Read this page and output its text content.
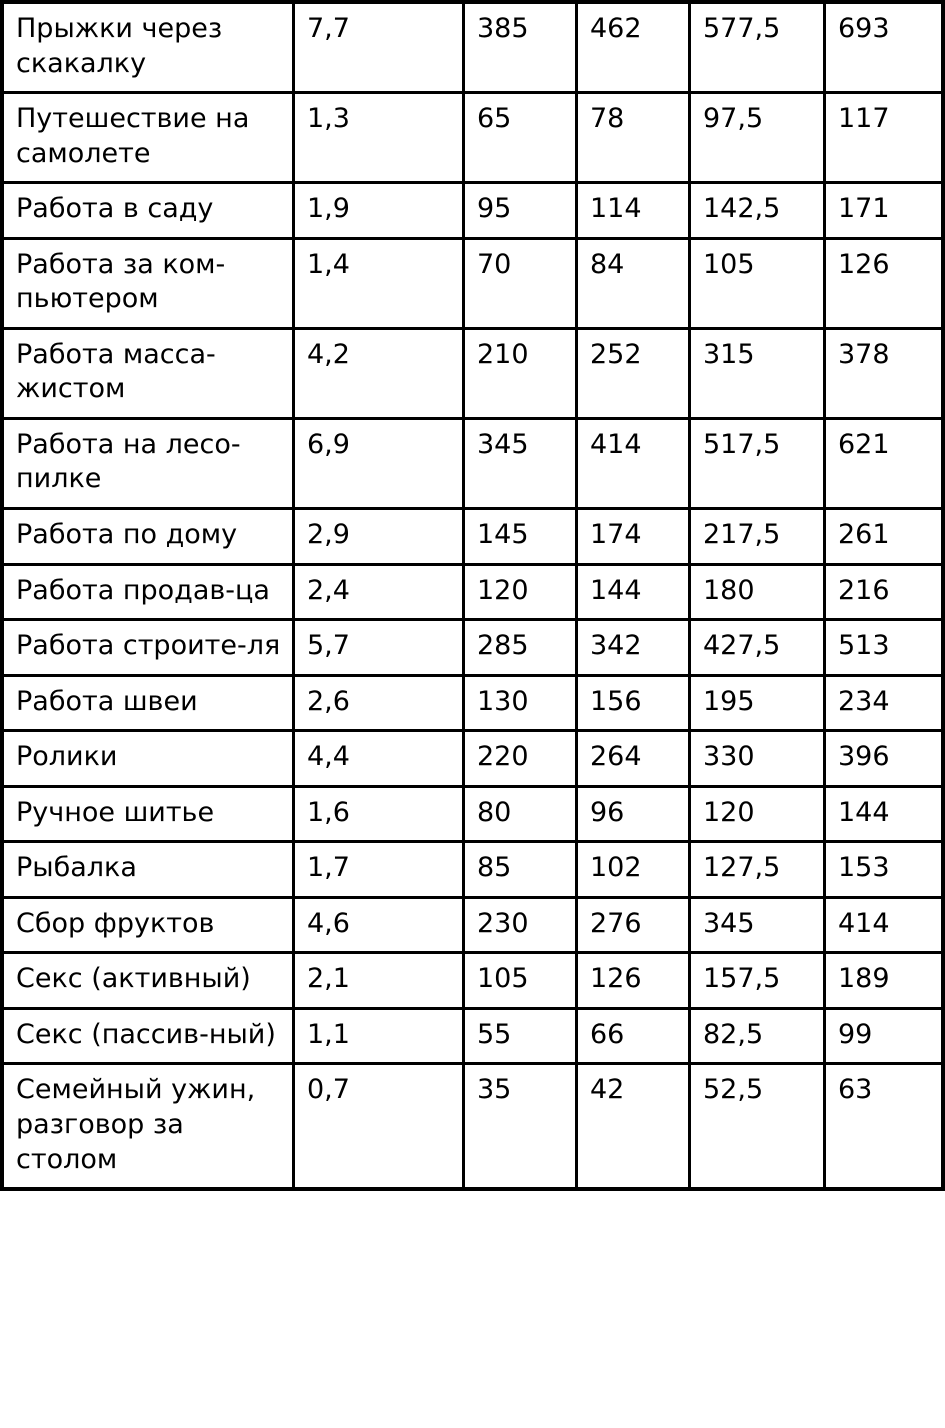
Прыжки через скакалку	7,7	385	462	577,5	693
Путешествие на самолете	1,3	65	78	97,5	117
Работа в саду	1,9	95	114	142,5	171
Работа за ком-пьютером	1,4	70	84	105	126
Работа масса-жистом	4,2	210	252	315	378
Работа на лесо-пилке	6,9	345	414	517,5	621
Работа по дому	2,9	145	174	217,5	261
Работа продав-ца	2,4	120	144	180	216
Работа строите-ля	5,7	285	342	427,5	513
Работа швеи	2,6	130	156	195	234
Ролики	4,4	220	264	330	396
Ручное шитье	1,6	80	96	120	144
Рыбалка	1,7	85	102	127,5	153
Сбор фруктов	4,6	230	276	345	414
Секс (активный)	2,1	105	126	157,5	189
Секс (пассив-ный)	1,1	55	66	82,5	99
Семейный ужин, разговор за столом	0,7	35	42	52,5	63
